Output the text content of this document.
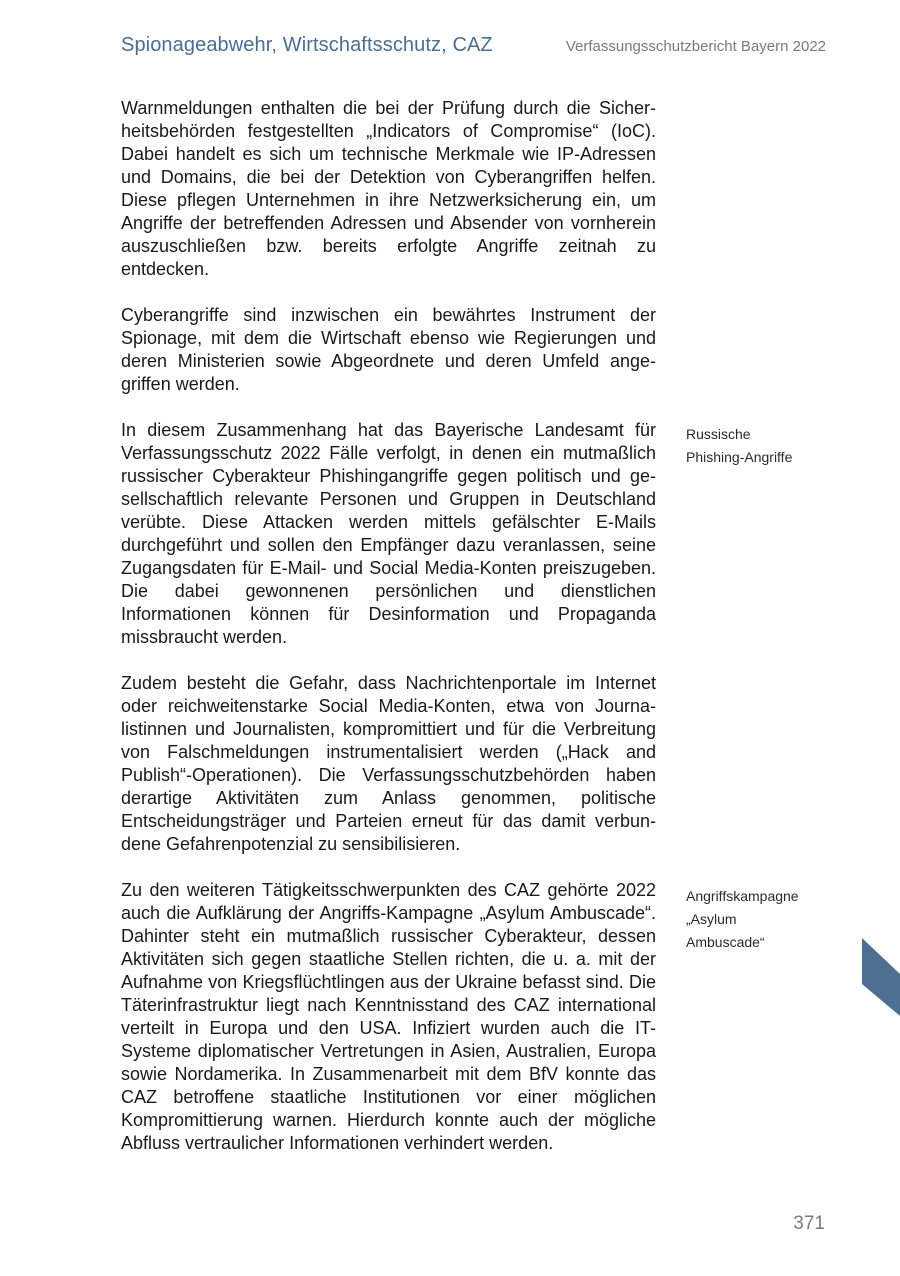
Spionageabwehr, Wirtschaftsschutz, CAZ	Verfassungsschutzbericht Bayern 2022

Warnmeldungen enthalten die bei der Prüfung durch die Sicherheitsbehörden festgestellten „Indicators of Compromise“ (IoC). Dabei handelt es sich um technische Merkmale wie IP-Adressen und Domains, die bei der Detektion von Cyberangriffen helfen. Diese pflegen Unternehmen in ihre Netzwerksicherung ein, um Angriffe der betreffenden Adressen und Absender von vornherein auszuschließen bzw. bereits erfolgte Angriffe zeitnah zu entdecken.

Cyberangriffe sind inzwischen ein bewährtes Instrument der Spionage, mit dem die Wirtschaft ebenso wie Regierungen und deren Ministerien sowie Abgeordnete und deren Umfeld angegriffen werden.

In diesem Zusammenhang hat das Bayerische Landesamt für Verfassungsschutz 2022 Fälle verfolgt, in denen ein mutmaßlich russischer Cyberakteur Phishingangriffe gegen politisch und gesellschaftlich relevante Personen und Gruppen in Deutschland verübte. Diese Attacken werden mittels gefälschter E-Mails durchgeführt und sollen den Empfänger dazu veranlassen, seine Zugangsdaten für E-Mail- und Social Media-Konten preiszugeben. Die dabei gewonnenen persönlichen und dienstlichen Informationen können für Desinformation und Propaganda missbraucht werden.

Zudem besteht die Gefahr, dass Nachrichtenportale im Internet oder reichweitenstarke Social Media-Konten, etwa von Journalistinnen und Journalisten, kompromittiert und für die Verbreitung von Falschmeldungen instrumentalisiert werden („Hack and Publish“-Operationen). Die Verfassungsschutzbehörden haben derartige Aktivitäten zum Anlass genommen, politische Entscheidungsträger und Parteien erneut für das damit verbundene Gefahrenpotenzial zu sensibilisieren.

Zu den weiteren Tätigkeitsschwerpunkten des CAZ gehörte 2022 auch die Aufklärung der Angriffs-Kampagne „Asylum Ambuscade“. Dahinter steht ein mutmaßlich russischer Cyberakteur, dessen Aktivitäten sich gegen staatliche Stellen richten, die u. a. mit der Aufnahme von Kriegsflüchtlingen aus der Ukraine befasst sind. Die Täterinfrastruktur liegt nach Kenntnisstand des CAZ international verteilt in Europa und den USA. Infiziert wurden auch die IT-Systeme diplomatischer Vertretungen in Asien, Australien, Europa sowie Nordamerika. In Zusammenarbeit mit dem BfV konnte das CAZ betroffene staatliche Institutionen vor einer möglichen Kompromittierung warnen. Hierdurch konnte auch der mögliche Abfluss vertraulicher Informationen verhindert werden.

Russische
Phishing-Angriffe
Angriffskampagne
„Asylum
Ambuscade“
371
